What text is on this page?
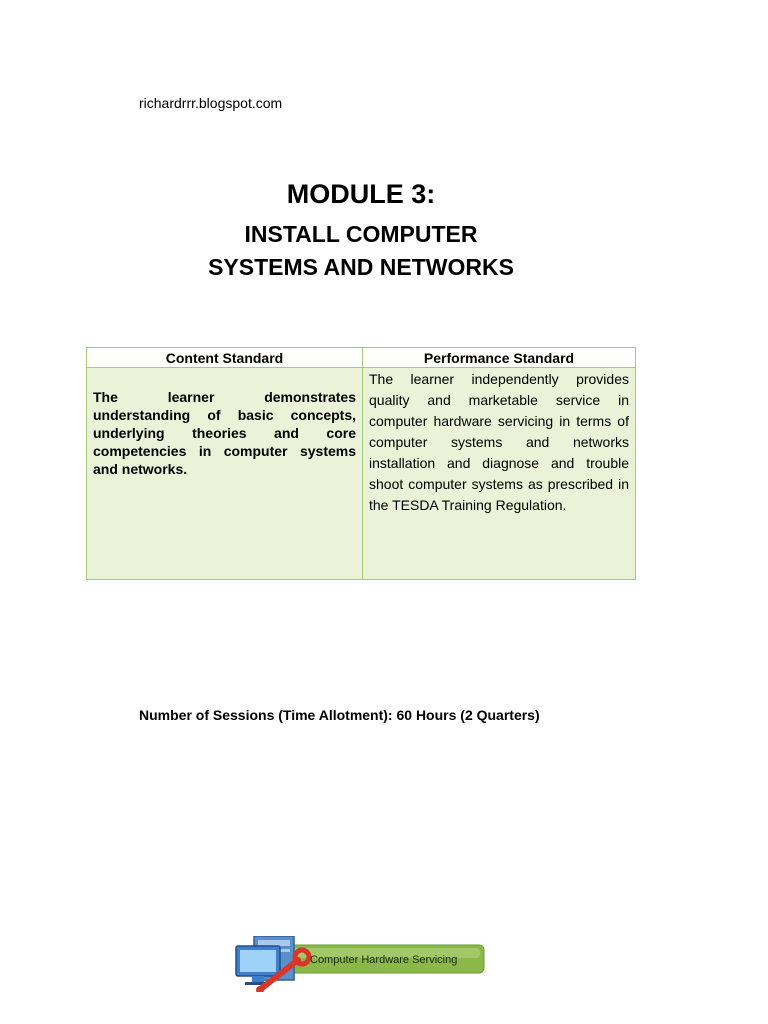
richardrrr.blogspot.com
MODULE 3:
INSTALL COMPUTER SYSTEMS AND NETWORKS
Content Standard	Performance Standard
The learner demonstrates understanding of basic concepts, underlying theories and core competencies in computer systems and networks.	The learner independently provides quality and marketable service in computer hardware servicing in terms of computer systems and networks installation and diagnose and trouble shoot computer systems as prescribed in the TESDA Training Regulation.
Number of Sessions (Time Allotment): 60 Hours (2 Quarters)
Computer Hardware Servicing
